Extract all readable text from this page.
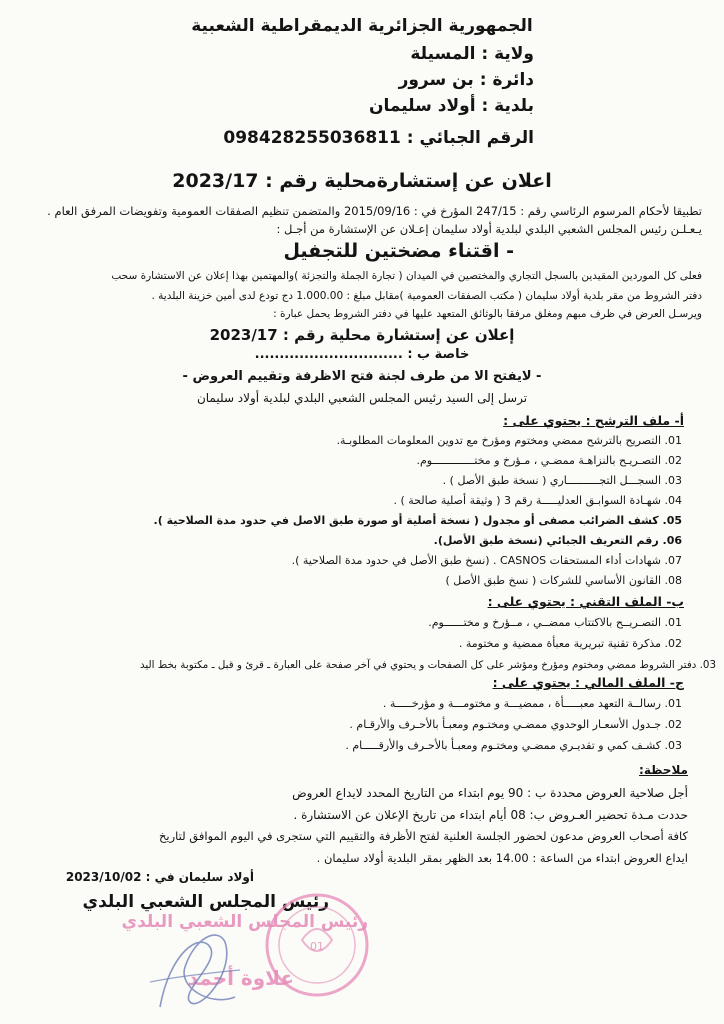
الجمهورية الجزائرية الديمقراطية الشعبية
ولاية : المسيلة
دائرة : بن سرور
بلدية : أولاد سليمان
الرقم الجبائي : 098428255036811
اعلان عن إستشارةمحلية رقم : 2023/17
تطبيقا لأحكام المرسوم الرئاسي رقم : 247/15 المؤرخ في : 2015/09/16 والمتضمن تنظيم الصفقات العمومية وتفويضات المرفق العام .
يـعـلـن رئيس المجلس الشعبي البلدي لبلدية أولاد سليمان إعـلان عن الإستشارة من أجـل :
- اقتناء مضختين للتجفيل
فعلى كل الموردين المقيدين بالسجل التجاري والمختصين في الميدان ( تجارة الجملة والتجزئة )والمهتمين بهذا إعلان عن الاستشارة سحب
دفتر الشروط من مقر بلدية أولاد سليمان ( مكتب الصفقات العمومية )مقابل مبلغ : 1.000.00 دج تودع لدى أمين خزينة البلدية .
ويرسـل العرض في ظرف مبهم ومغلق مرفقا بالوثائق المتعهد عليها في دفتر الشروط يحمل عبارة :
إعلان عن إستشارة محلية رقم : 2023/17
خاصة ب : ..............................
- لايفتح الا من طرف لجنة فتح الاظرفة وتقييم العروض -
ترسل إلى السيد رئيس المجلس الشعبي البلدي لبلدية أولاد سليمان
أ- ملف الترشح : يحتوي على :
01. التصريح بالترشح ممضي ومختوم ومؤرخ مع تدوين المعلومات المطلوبـة.
02. التصـريـح بالنزاهـة ممضـي ، مـؤرخ و مختـــــــــــــوم.
03. السجـــل التجــــــــــاري ( نسخة طبق الأصل ) .
04. شهـادة السوابـق العدليـــــة رقم 3 ( وثيقة أصلية صالحة ) .
05. كشف الضرائب مصفى أو مجدول ( نسخة أصلية أو صورة طبق الاصل في حدود مدة الصلاحية ).
06. رقم التعريف الجبائي (نسخة طبق الأصل).
07. شهادات أداء المستحقات CASNOS . (نسخ طبق الأصل في حدود مدة الصلاحية ).
08. القانون الأساسي للشركات ( نسخ طبق الأصل )
ب- الملف التقني : يحتوي على :
01. التصـريــح بالاكتتاب ممضــي ، مــؤرخ و مختــــــوم.
02. مذكرة تقنية تبريرية معبأة ممضية و مختومة .
03. دفتر الشروط ممضي ومختوم ومؤرخ ومؤشر على كل الصفحات و يحتوي في آخر صفحة على العبارة ـ قرئ و قبل ـ مكتوبة بخط اليد
ج- الملف المالي : يحتوي على :
01. رسالــة التعهد معبـــــأة ، ممضيـــة و مختومـــة و مؤرخـــــة .
02. جـدول الأسعـار الوحدوي ممضـي ومختـوم ومعبـأ بالأحـرف والأرقـام .
03. كشـف كمي و تقديـري ممضـي ومختـوم ومعبـأ بالأحـرف والأرقـــــام .
ملاحظة:
أجل صلاحية العروض محددة ب : 90 يوم ابتداء من التاريخ المحدد لايداع العروض
حددت مـدة تحضير العـروض ب: 08 أيام ابتداء من تاريخ الإعلان عن الاستشارة .
كافة أصحاب العروض مدعون لحضور الجلسة العلنية لفتح الأظرفة والتقييم التي ستجرى في اليوم الموافق لتاريخ
ايداع العروض ابتداء من الساعة : 14.00 بعد الظهر بمقر البلدية أولاد سليمان .
أولاد سليمان في : 2023/10/02
رئيس المجلس الشعبي البلدي
01
رئيس المجلس الشعبي البلدي
علاوة أحمد
